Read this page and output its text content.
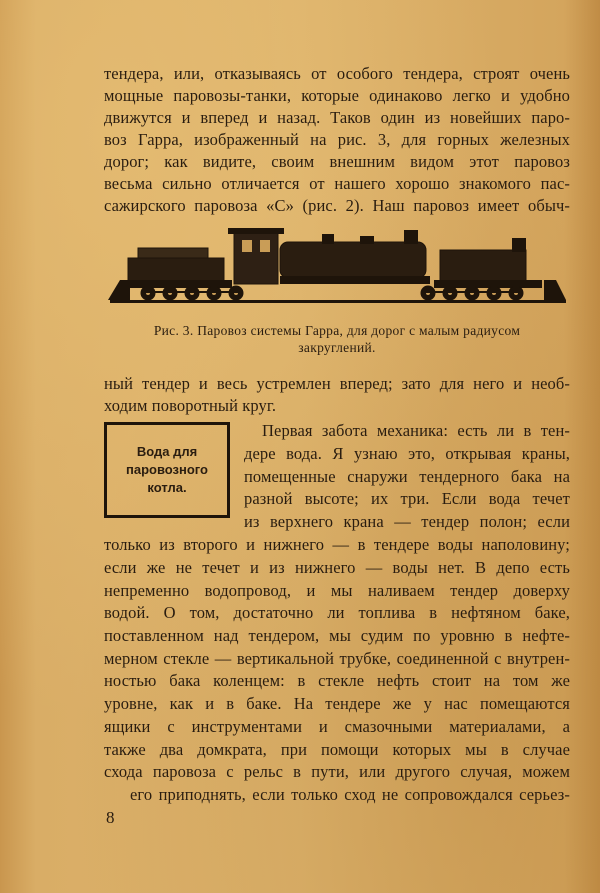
тендера, или, отказываясь от особого тендера, строят очень
мощные паровозы-танки, которые одинаково легко и удобно
движутся и вперед и назад. Таков один из новейших паро-
воз Гарра, изображенный на рис. 3, для горных железных
дорог; как видите, своим внешним видом этот паровоз
весьма сильно отличается от нашего хорошо знакомого пас-
сажирского паровоза «С» (рис. 2). Наш паровоз имеет обыч-
Рис. 3. Паровоз системы Гарра, для дорог с малым радиусом
закруглений.
ный тендер и весь устремлен вперед; зато для него и необ-
ходим поворотный круг.
Вода для
паровозного
котла.
Первая забота механика: есть ли в тен-
дере вода. Я узнаю это, открывая краны,
помещенные снаружи тендерного бака на
разной высоте; их три. Если вода течет
из верхнего крана — тендер полон; если
только из второго и нижнего — в тендере воды наполовину;
если же не течет и из нижнего — воды нет. В депо есть
непременно водопровод, и мы наливаем тендер доверху
водой. О том, достаточно ли топлива в нефтяном баке,
поставленном над тендером, мы судим по уровню в нефте-
мерном стекле — вертикальной трубке, соединенной с внутрен-
ностью бака коленцем: в стекле нефть стоит на том же
уровне, как и в баке. На тендере же у нас помещаются
ящики с инструментами и смазочными материалами, а
также два домкрата, при помощи которых мы в случае
схода паровоза с рельс в пути, или другого случая, можем
его приподнять, если только сход не сопровождался серьез-
8
